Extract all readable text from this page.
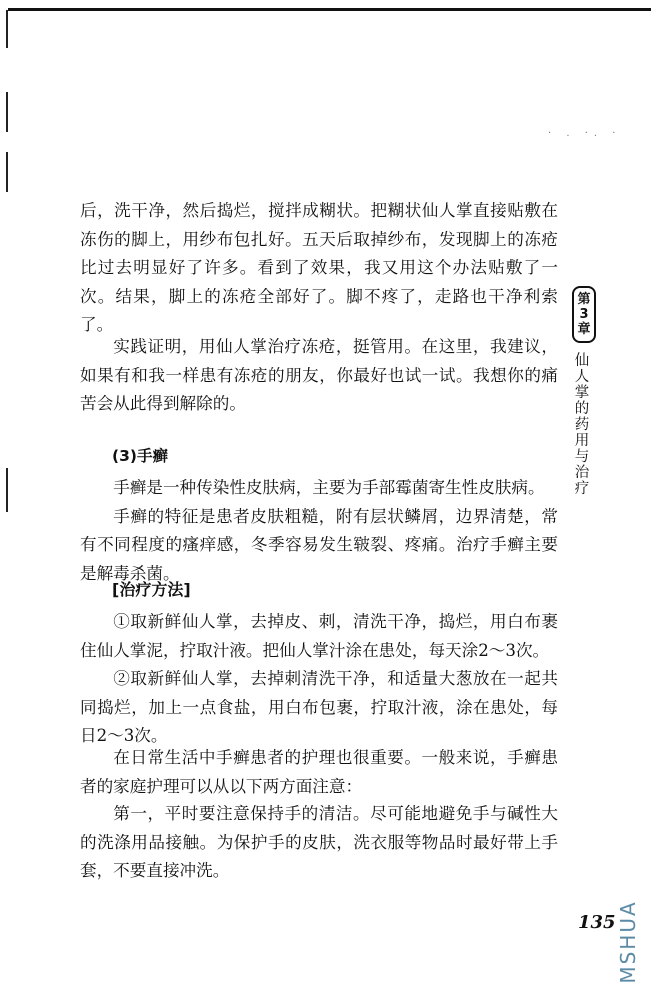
· . ·. ·

后，洗干净，然后捣烂，搅拌成糊状。把糊状仙人掌直接贴敷在冻伤的脚上，用纱布包扎好。五天后取掉纱布，发现脚上的冻疮比过去明显好了许多。看到了效果，我又用这个办法贴敷了一次。结果，脚上的冻疮全部好了。脚不疼了，走路也干净利索了。

实践证明，用仙人掌治疗冻疮，挺管用。在这里，我建议，如果有和我一样患有冻疮的朋友，你最好也试一试。我想你的痛苦会从此得到解除的。

(3)手癣

手癣是一种传染性皮肤病，主要为手部霉菌寄生性皮肤病。
手癣的特征是患者皮肤粗糙，附有层状鳞屑，边界清楚，常有不同程度的瘙痒感，冬季容易发生皲裂、疼痛。治疗手癣主要是解毒杀菌。

[治疗方法]

①取新鲜仙人掌，去掉皮、刺，清洗干净，捣烂，用白布裹住仙人掌泥，拧取汁液。把仙人掌汁涂在患处，每天涂2～3次。

②取新鲜仙人掌，去掉刺清洗干净，和适量大葱放在一起共同捣烂，加上一点食盐，用白布包裹，拧取汁液，涂在患处，每日2～3次。

在日常生活中手癣患者的护理也很重要。一般来说，手癣患者的家庭护理可以从以下两方面注意：

第一，平时要注意保持手的清洁。尽可能地避免手与碱性大的洗涤用品接触。为保护手的皮肤，洗衣服等物品时最好带上手套，不要直接冲洗。

第3章
仙人掌的药用与治疗
135 MSHUA
